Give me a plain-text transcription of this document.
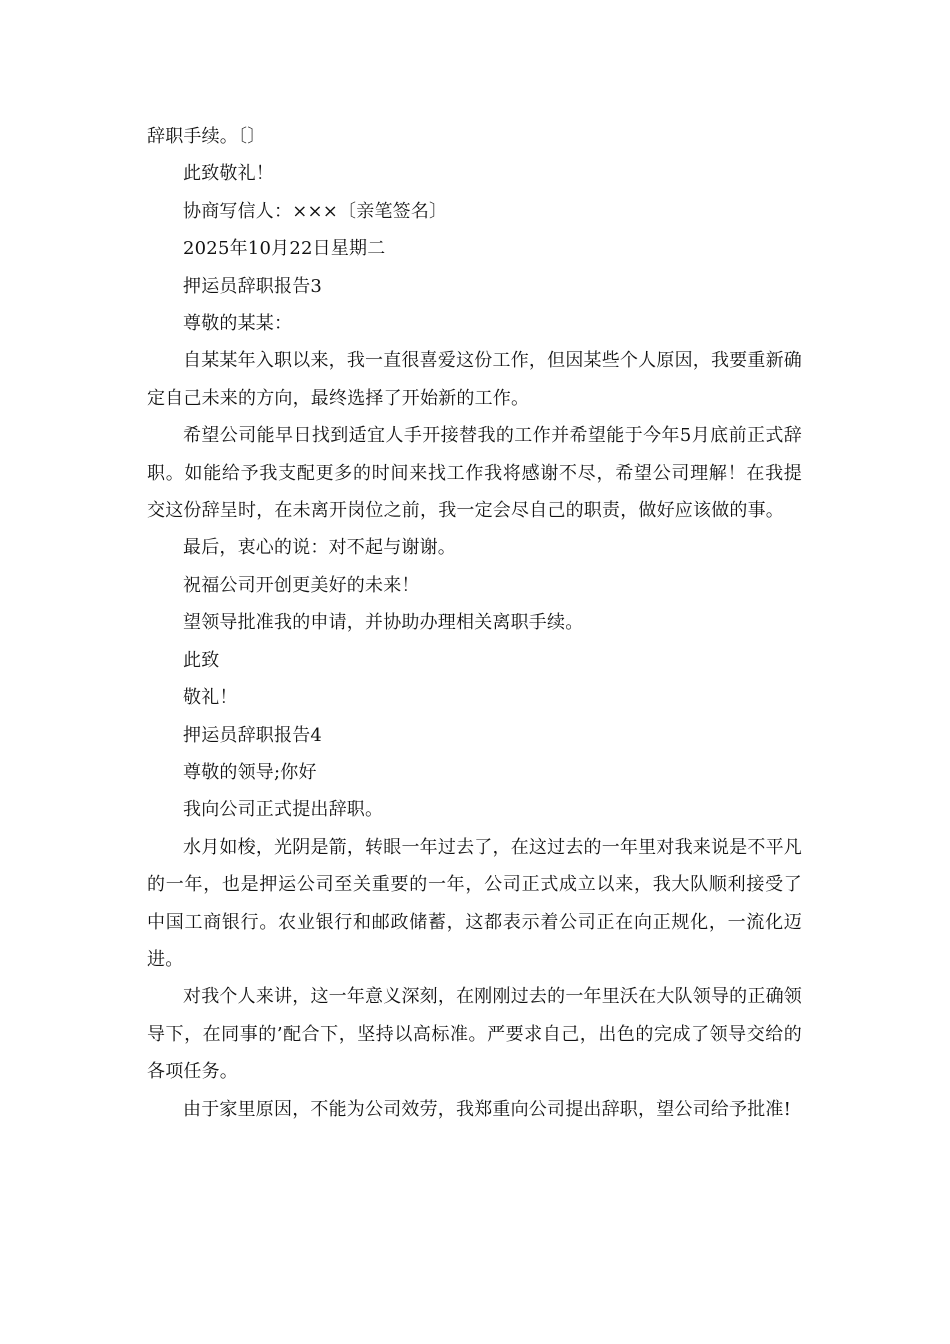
辞职手续。〔〕

此致敬礼！

协商写信人：×××〔亲笔签名〕

2025年10月22日星期二

押运员辞职报告3

尊敬的某某：

自某某年入职以来，我一直很喜爱这份工作，但因某些个人原因，我要重新确定自己未来的方向，最终选择了开始新的工作。

希望公司能早日找到适宜人手开接替我的工作并希望能于今年5月底前正式辞职。如能给予我支配更多的时间来找工作我将感谢不尽，希望公司理解！在我提交这份辞呈时，在未离开岗位之前，我一定会尽自己的职责，做好应该做的事。

最后，衷心的说：对不起与谢谢。

祝福公司开创更美好的未来！

望领导批准我的申请，并协助办理相关离职手续。

此致

敬礼！

押运员辞职报告4

尊敬的领导;你好

我向公司正式提出辞职。

水月如梭，光阴是箭，转眼一年过去了，在这过去的一年里对我来说是不平凡的一年，也是押运公司至关重要的一年，公司正式成立以来，我大队顺利接受了中国工商银行。农业银行和邮政储蓄，这都表示着公司正在向正规化，一流化迈进。

对我个人来讲，这一年意义深刻，在刚刚过去的一年里沃在大队领导的正确领导下，在同事的’配合下，坚持以高标准。严要求自己，出色的完成了领导交给的各项任务。

由于家里原因，不能为公司效劳，我郑重向公司提出辞职，望公司给予批准!
